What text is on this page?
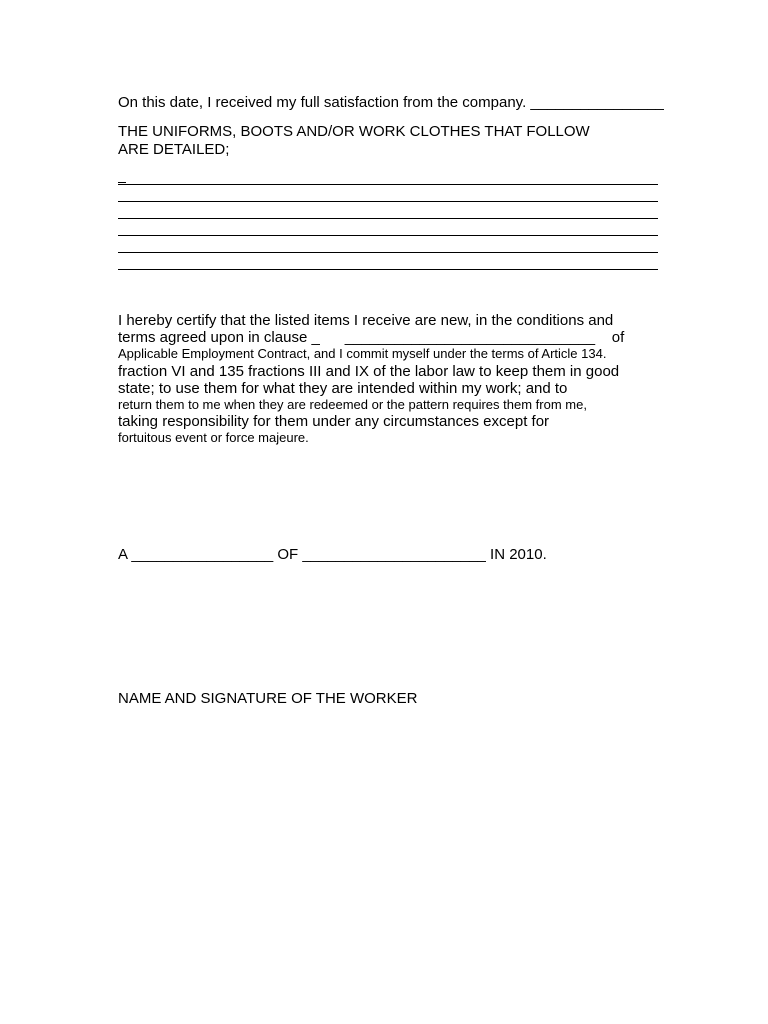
On this date, I received my full satisfaction from the company. ________________
THE UNIFORMS, BOOTS AND/OR WORK CLOTHES THAT FOLLOW
ARE DETAILED;
I hereby certify that the listed items I receive are new, in the conditions and
terms agreed upon in clause _      ______________________________    of
Applicable Employment Contract, and I commit myself under the terms of Article 134.
fraction VI and 135 fractions III and IX of the labor law to keep them in good
state; to use them for what they are intended within my work; and to
return them to me when they are redeemed or the pattern requires them from me,
taking responsibility for them under any circumstances except for
fortuitous event or force majeure.
A _________________ OF ______________________ IN 2010.
NAME AND SIGNATURE OF THE WORKER
